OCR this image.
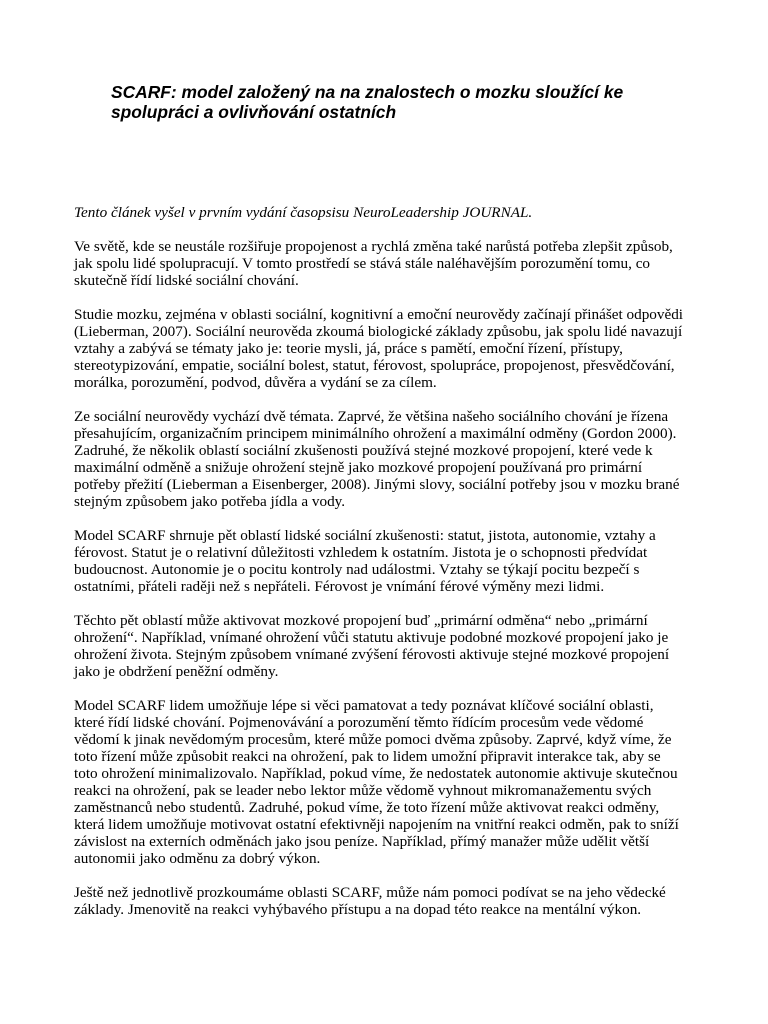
SCARF: model založený na na znalostech o mozku sloužící ke
spolupráci a ovlivňování ostatních

Tento článek vyšel v prvním vydání časopsisu NeuroLeadership JOURNAL.

Ve světě, kde se neustále rozšiřuje propojenost a rychlá změna také narůstá potřeba zlepšit způsob,
jak spolu lidé spolupracují. V tomto prostředí se stává stále naléhavějším porozumění tomu, co
skutečně řídí lidské sociální chování.

Studie mozku, zejména v oblasti sociální, kognitivní a emoční neurovědy začínají přinášet odpovědi
(Lieberman, 2007). Sociální neurověda zkoumá biologické základy způsobu, jak spolu lidé navazují
vztahy a zabývá se tématy jako je: teorie mysli, já, práce s pamětí, emoční řízení, přístupy,
stereotypizování, empatie, sociální bolest, statut, férovost, spolupráce, propojenost, přesvědčování,
morálka, porozumění, podvod, důvěra a vydání se za cílem.

Ze sociální neurovědy vychází dvě témata. Zaprvé, že většina našeho sociálního chování je řízena
přesahujícím, organizačním principem minimálního ohrožení a maximální odměny (Gordon 2000).
Zadruhé, že několik oblastí sociální zkušenosti používá stejné mozkové propojení, které vede k
maximální odměně a snižuje ohrožení stejně jako mozkové propojení používaná pro primární
potřeby přežití (Lieberman a Eisenberger, 2008). Jinými slovy, sociální potřeby jsou v mozku brané
stejným způsobem jako potřeba jídla a vody.

Model SCARF shrnuje pět oblastí lidské sociální zkušenosti: statut, jistota, autonomie, vztahy a
férovost. Statut je o relativní důležitosti vzhledem k ostatním. Jistota je o schopnosti předvídat
budoucnost. Autonomie je o pocitu kontroly nad událostmi. Vztahy se týkají pocitu bezpečí s
ostatními, přáteli raději než s nepřáteli. Férovost je vnímání férové výměny mezi lidmi.

Těchto pět oblastí může aktivovat mozkové propojení buď „primární odměna“ nebo „primární
ohrožení“. Například, vnímané ohrožení vůči statutu aktivuje podobné mozkové propojení jako je
ohrožení života. Stejným způsobem vnímané zvýšení férovosti aktivuje stejné mozkové propojení
jako je obdržení peněžní odměny.

Model SCARF lidem umožňuje lépe si věci pamatovat a tedy poznávat klíčové sociální oblasti,
které řídí lidské chování. Pojmenovávání a porozumění těmto řídícím procesům vede vědomé
vědomí k jinak nevědomým procesům, které může pomoci dvěma způsoby. Zaprvé, když víme, že
toto řízení může způsobit reakci na ohrožení, pak to lidem umožní připravit interakce tak, aby se
toto ohrožení minimalizovalo. Například, pokud víme, že nedostatek autonomie aktivuje skutečnou
reakci na ohrožení, pak se leader nebo lektor může vědomě vyhnout mikromanažementu svých
zaměstnanců nebo studentů. Zadruhé, pokud víme, že toto řízení může aktivovat reakci odměny,
která lidem umožňuje motivovat ostatní efektivněji napojením na vnitřní reakci odměn, pak to sníží
závislost na externích odměnách jako jsou peníze. Například, přímý manažer může udělit větší
autonomii jako odměnu za dobrý výkon.

Ještě než jednotlivě prozkoumáme oblasti SCARF, může nám pomoci podívat se na jeho vědecké
základy. Jmenovitě na reakci vyhýbavého přístupu a na dopad této reakce na mentální výkon.
